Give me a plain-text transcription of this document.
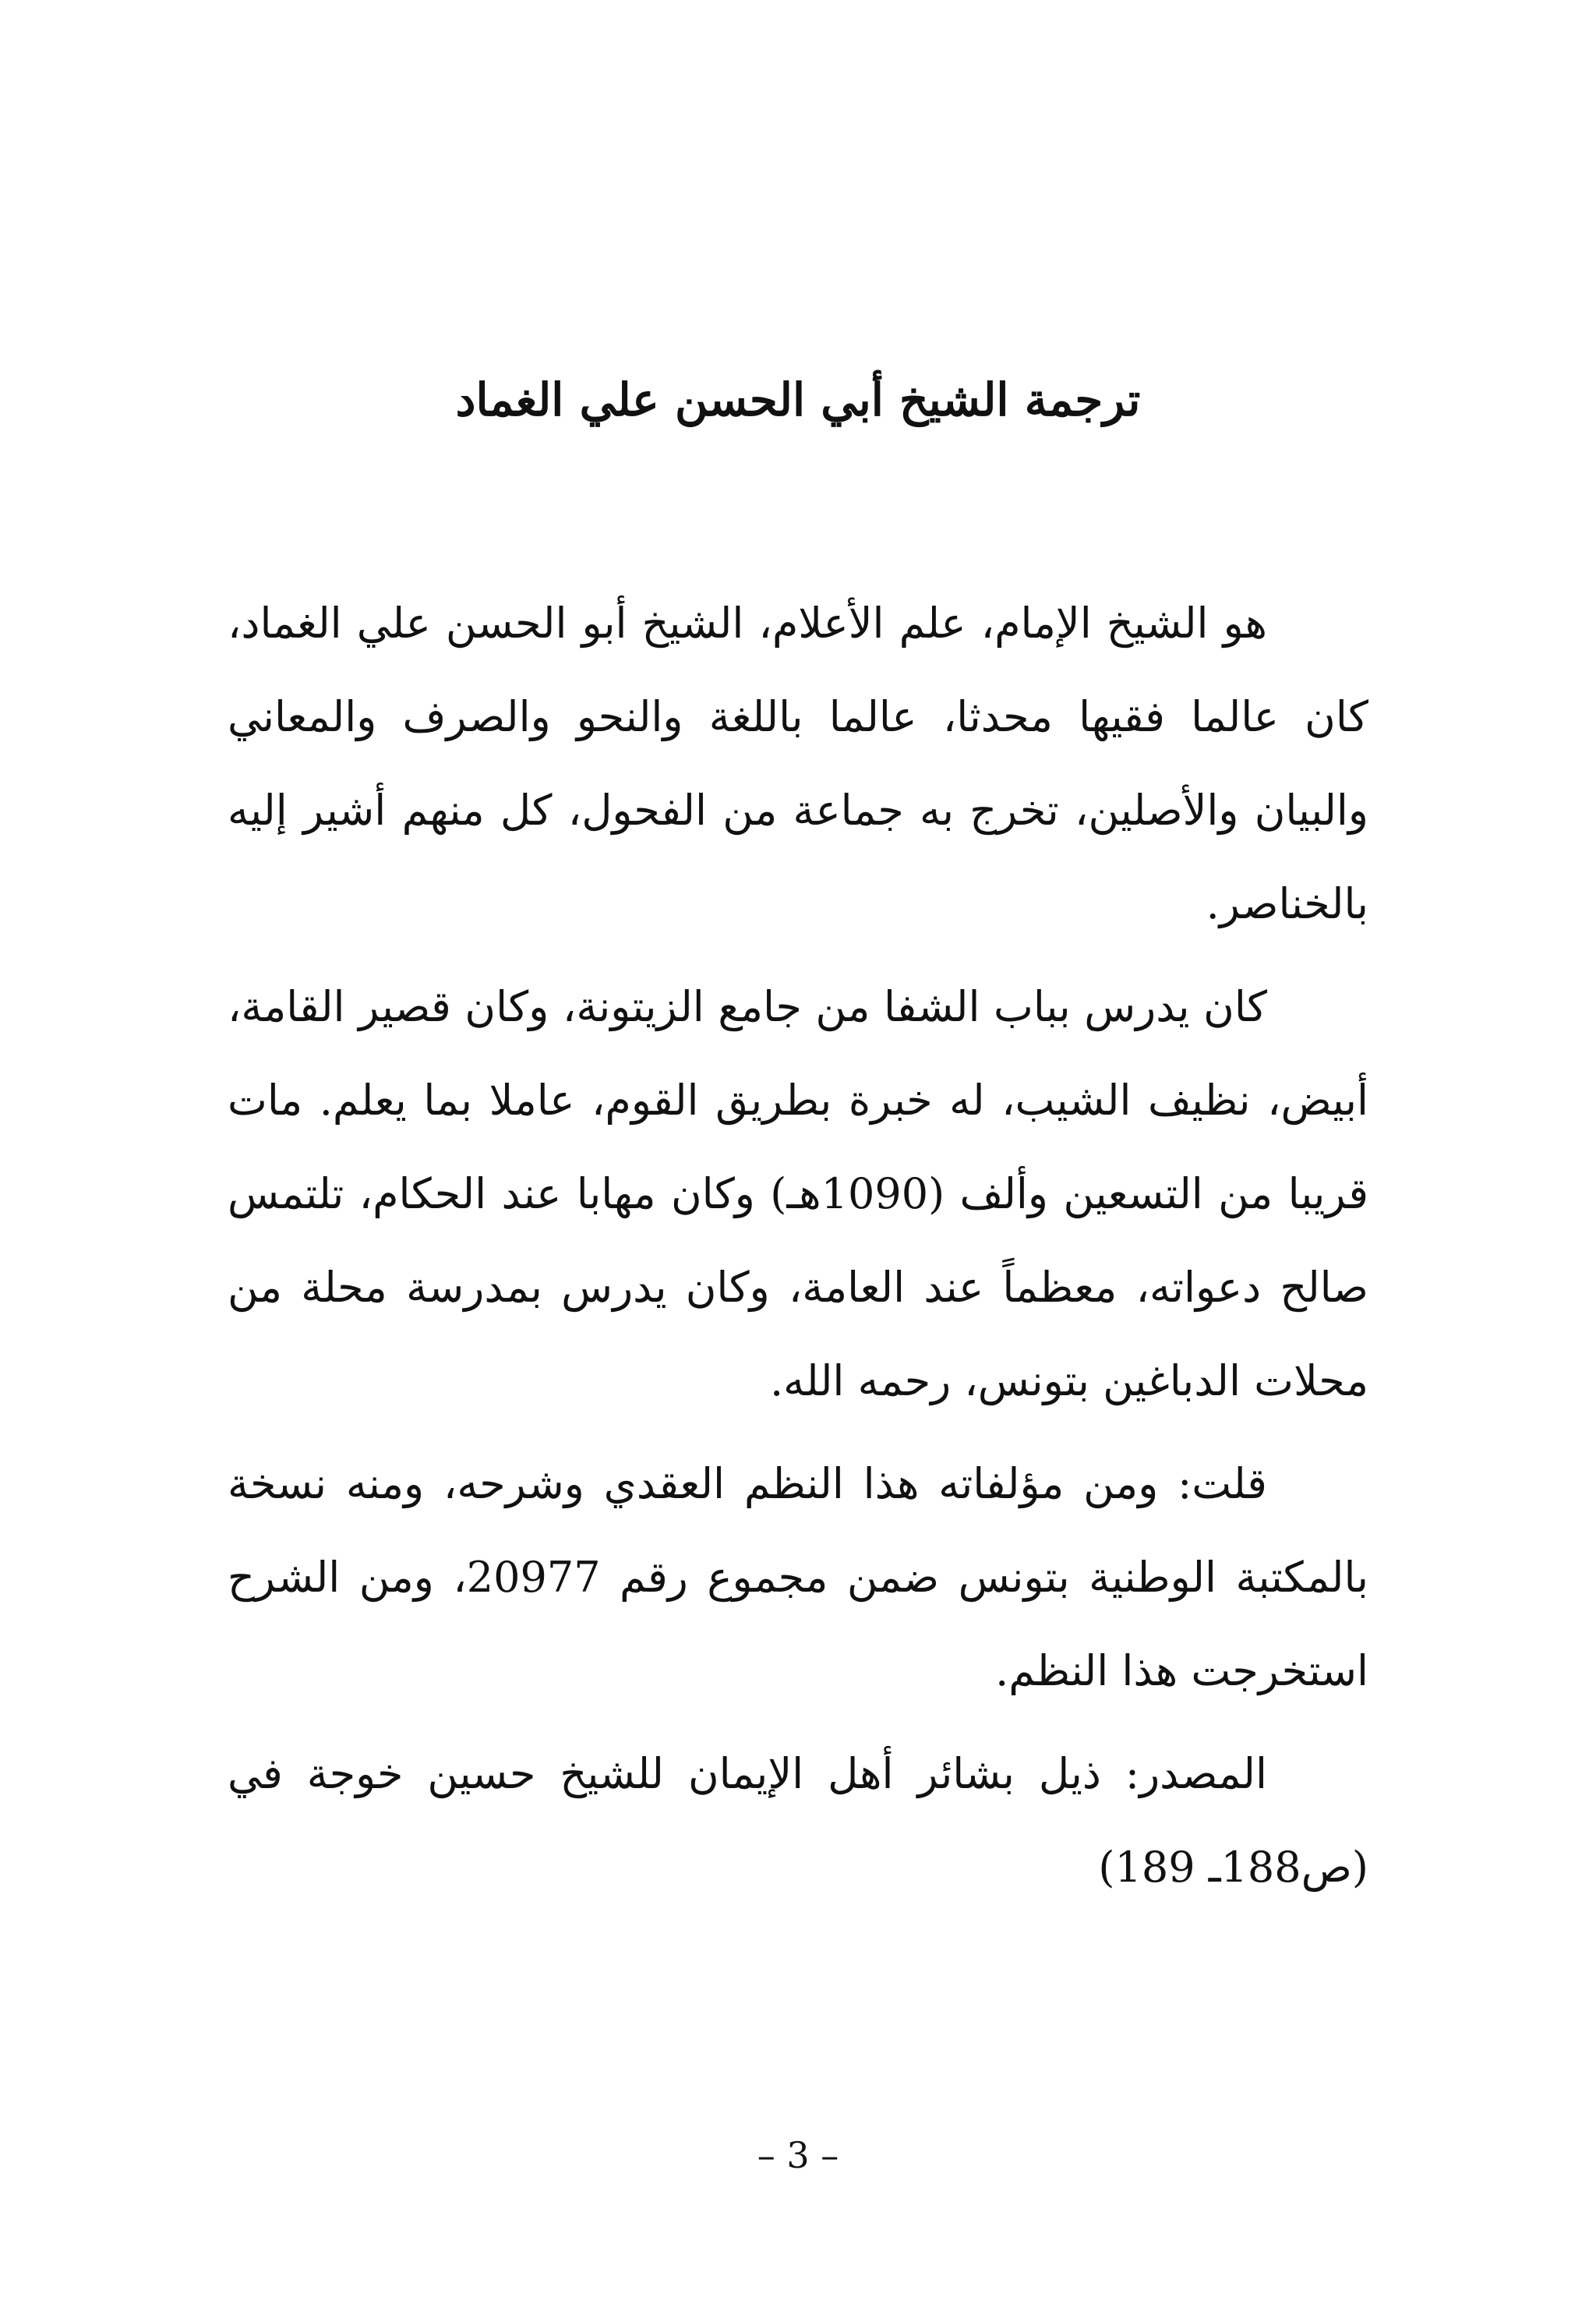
ترجمة الشيخ أبي الحسن علي الغماد

هو الشيخ الإمام، علم الأعلام، الشيخ أبو الحسن علي الغماد، كان عالما فقيها محدثا، عالما باللغة والنحو والصرف والمعاني والبيان والأصلين، تخرج به جماعة من الفحول، كل منهم أشير إليه بالخناصر.

كان يدرس بباب الشفا من جامع الزيتونة، وكان قصير القامة، أبيض، نظيف الشيب، له خبرة بطريق القوم، عاملا بما يعلم. مات قريبا من التسعين وألف (1090هـ) وكان مهابا عند الحكام، تلتمس صالح دعواته، معظماً عند العامة، وكان يدرس بمدرسة محلة من محلات الدباغين بتونس، رحمه الله.

قلت: ومن مؤلفاته هذا النظم العقدي وشرحه، ومنه نسخة بالمكتبة الوطنية بتونس ضمن مجموع رقم 20977، ومن الشرح استخرجت هذا النظم.

المصدر: ذيل بشائر أهل الإيمان للشيخ حسين خوجة في (ص188ـ 189)

– 3 –
